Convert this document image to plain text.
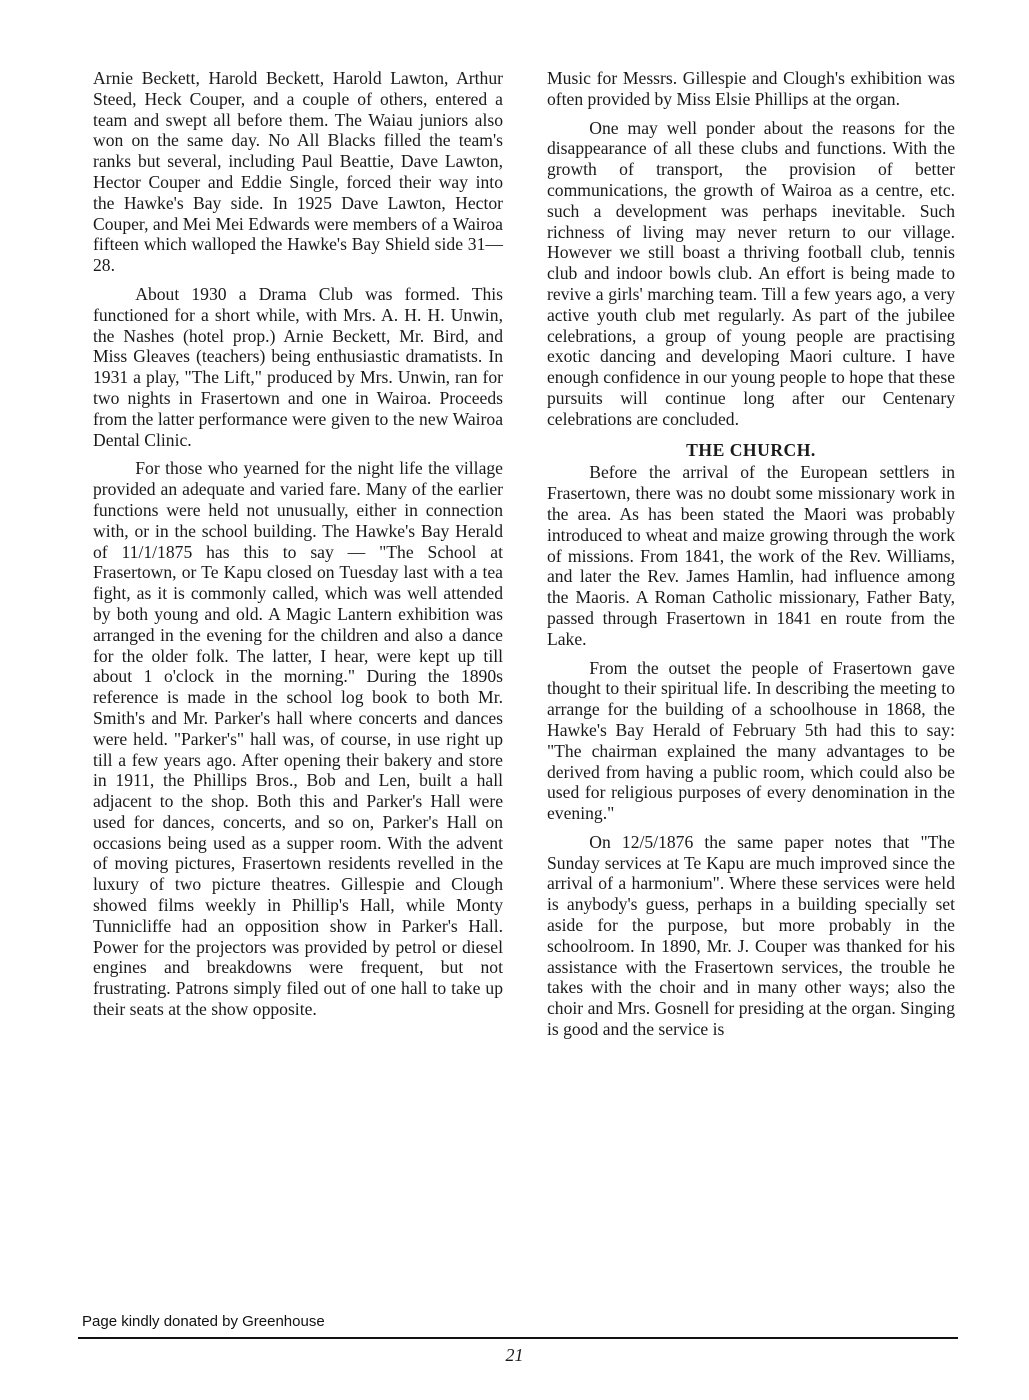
Arnie Beckett, Harold Beckett, Harold Lawton, Arthur Steed, Heck Couper, and a couple of others, entered a team and swept all before them. The Waiau juniors also won on the same day. No All Blacks filled the team's ranks but several, including Paul Beattie, Dave Lawton, Hector Couper and Eddie Single, forced their way into the Hawke's Bay side. In 1925 Dave Lawton, Hector Couper, and Mei Mei Edwards were members of a Wairoa fifteen which walloped the Hawke's Bay Shield side 31—28.

About 1930 a Drama Club was formed. This functioned for a short while, with Mrs. A. H. H. Unwin, the Nashes (hotel prop.) Arnie Beckett, Mr. Bird, and Miss Gleaves (teachers) being enthusiastic dramatists. In 1931 a play, "The Lift," produced by Mrs. Unwin, ran for two nights in Frasertown and one in Wairoa. Proceeds from the latter performance were given to the new Wairoa Dental Clinic.

For those who yearned for the night life the village provided an adequate and varied fare. Many of the earlier functions were held not unusually, either in connection with, or in the school building. The Hawke's Bay Herald of 11/1/1875 has this to say — "The School at Frasertown, or Te Kapu closed on Tuesday last with a tea fight, as it is commonly called, which was well attended by both young and old. A Magic Lantern exhibition was arranged in the evening for the children and also a dance for the older folk. The latter, I hear, were kept up till about 1 o'clock in the morning." During the 1890s reference is made in the school log book to both Mr. Smith's and Mr. Parker's hall where concerts and dances were held. "Parker's" hall was, of course, in use right up till a few years ago. After opening their bakery and store in 1911, the Phillips Bros., Bob and Len, built a hall adjacent to the shop. Both this and Parker's Hall were used for dances, concerts, and so on, Parker's Hall on occasions being used as a supper room. With the advent of moving pictures, Frasertown residents revelled in the luxury of two picture theatres. Gillespie and Clough showed films weekly in Phillip's Hall, while Monty Tunnicliffe had an opposition show in Parker's Hall. Power for the projectors was provided by petrol or diesel engines and breakdowns were frequent, but not frustrating. Patrons simply filed out of one hall to take up their seats at the show opposite.

Music for Messrs. Gillespie and Clough's exhibition was often provided by Miss Elsie Phillips at the organ.

One may well ponder about the reasons for the disappearance of all these clubs and functions. With the growth of transport, the provision of better communications, the growth of Wairoa as a centre, etc. such a development was perhaps inevitable. Such richness of living may never return to our village. However we still boast a thriving football club, tennis club and indoor bowls club. An effort is being made to revive a girls' marching team. Till a few years ago, a very active youth club met regularly. As part of the jubilee celebrations, a group of young people are practising exotic dancing and developing Maori culture. I have enough confidence in our young people to hope that these pursuits will continue long after our Centenary celebrations are concluded.

THE CHURCH.

Before the arrival of the European settlers in Frasertown, there was no doubt some missionary work in the area. As has been stated the Maori was probably introduced to wheat and maize growing through the work of missions. From 1841, the work of the Rev. Williams, and later the Rev. James Hamlin, had influence among the Maoris. A Roman Catholic missionary, Father Baty, passed through Frasertown in 1841 en route from the Lake.

From the outset the people of Frasertown gave thought to their spiritual life. In describing the meeting to arrange for the building of a schoolhouse in 1868, the Hawke's Bay Herald of February 5th had this to say: "The chairman explained the many advantages to be derived from having a public room, which could also be used for religious purposes of every denomination in the evening."

On 12/5/1876 the same paper notes that "The Sunday services at Te Kapu are much improved since the arrival of a harmonium". Where these services were held is anybody's guess, perhaps in a building specially set aside for the purpose, but more probably in the schoolroom. In 1890, Mr. J. Couper was thanked for his assistance with the Frasertown services, the trouble he takes with the choir and in many other ways; also the choir and Mrs. Gosnell for presiding at the organ. Singing is good and the service is

Page kindly donated by Greenhouse
21
